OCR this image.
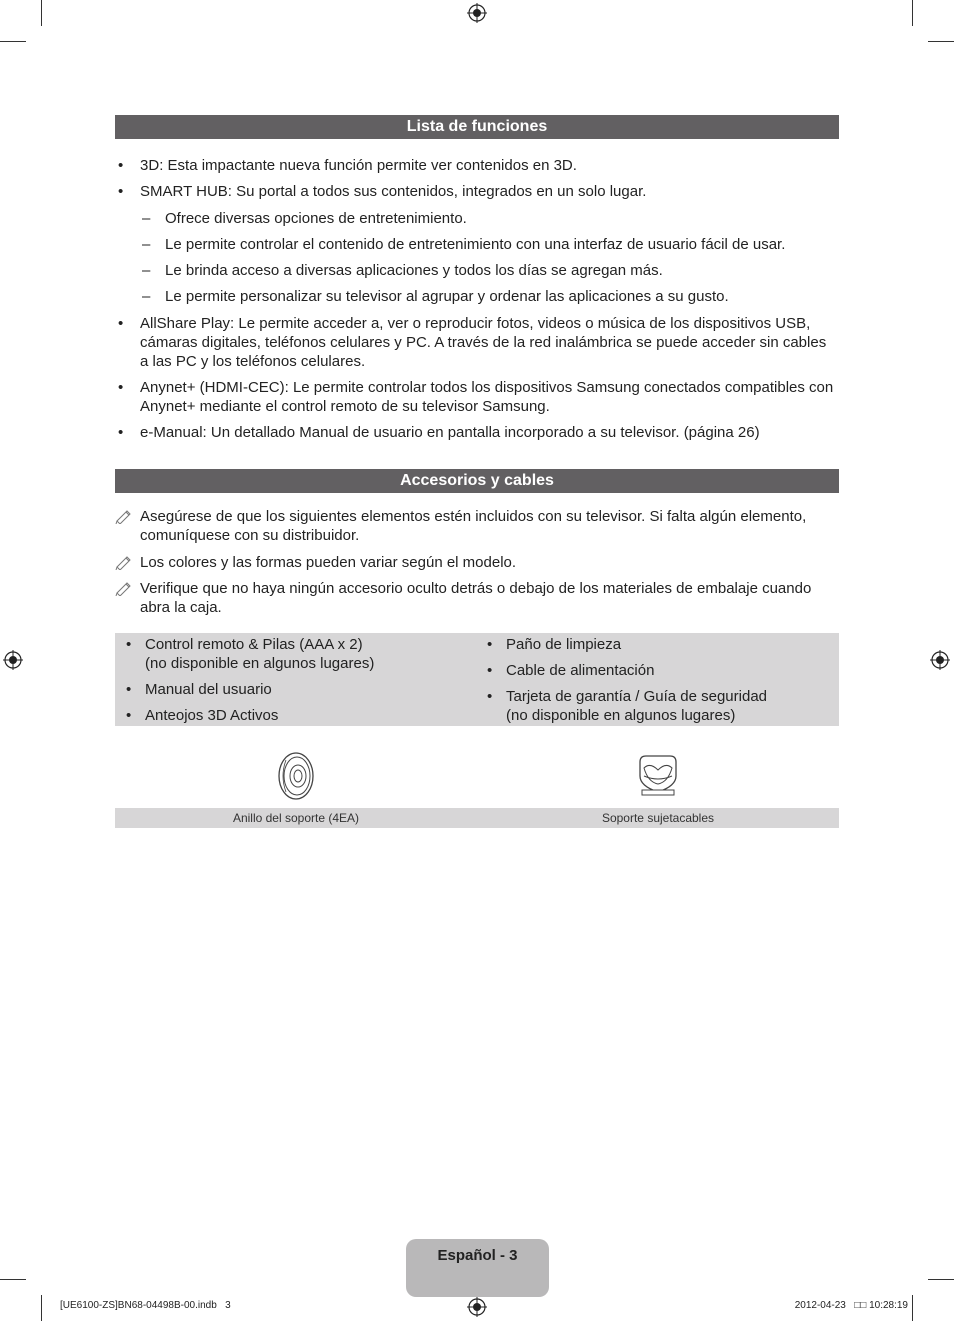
Lista de funciones
• 3D: Esta impactante nueva función permite ver contenidos en 3D.
• SMART HUB: Su portal a todos sus contenidos, integrados en un solo lugar.
– Ofrece diversas opciones de entretenimiento.
– Le permite controlar el contenido de entretenimiento con una interfaz de usuario fácil de usar.
– Le brinda acceso a diversas aplicaciones y todos los días se agregan más.
– Le permite personalizar su televisor al agrupar y ordenar las aplicaciones a su gusto.
• AllShare Play: Le permite acceder a, ver o reproducir fotos, videos o música de los dispositivos USB, cámaras digitales, teléfonos celulares y PC. A través de la red inalámbrica se puede acceder sin cables a las PC y los teléfonos celulares.
• Anynet+ (HDMI-CEC): Le permite controlar todos los dispositivos Samsung conectados compatibles con Anynet+ mediante el control remoto de su televisor Samsung.
• e-Manual: Un detallado Manual de usuario en pantalla incorporado a su televisor. (página 26)
Accesorios y cables
Asegúrese de que los siguientes elementos estén incluidos con su televisor. Si falta algún elemento, comuníquese con su distribuidor.
Los colores y las formas pueden variar según el modelo.
Verifique que no haya ningún accesorio oculto detrás o debajo de los materiales de embalaje cuando abra la caja.
• Control remoto & Pilas (AAA x 2)
(no disponible en algunos lugares)
• Manual del usuario
• Anteojos 3D Activos
• Paño de limpieza
• Cable de alimentación
• Tarjeta de garantía / Guía de seguridad
(no disponible en algunos lugares)
Anillo del soporte (4EA)	Soporte sujetacables
Español - 3
[UE6100-ZS]BN68-04498B-00.indb   3	2012-04-23   □□ 10:28:19
